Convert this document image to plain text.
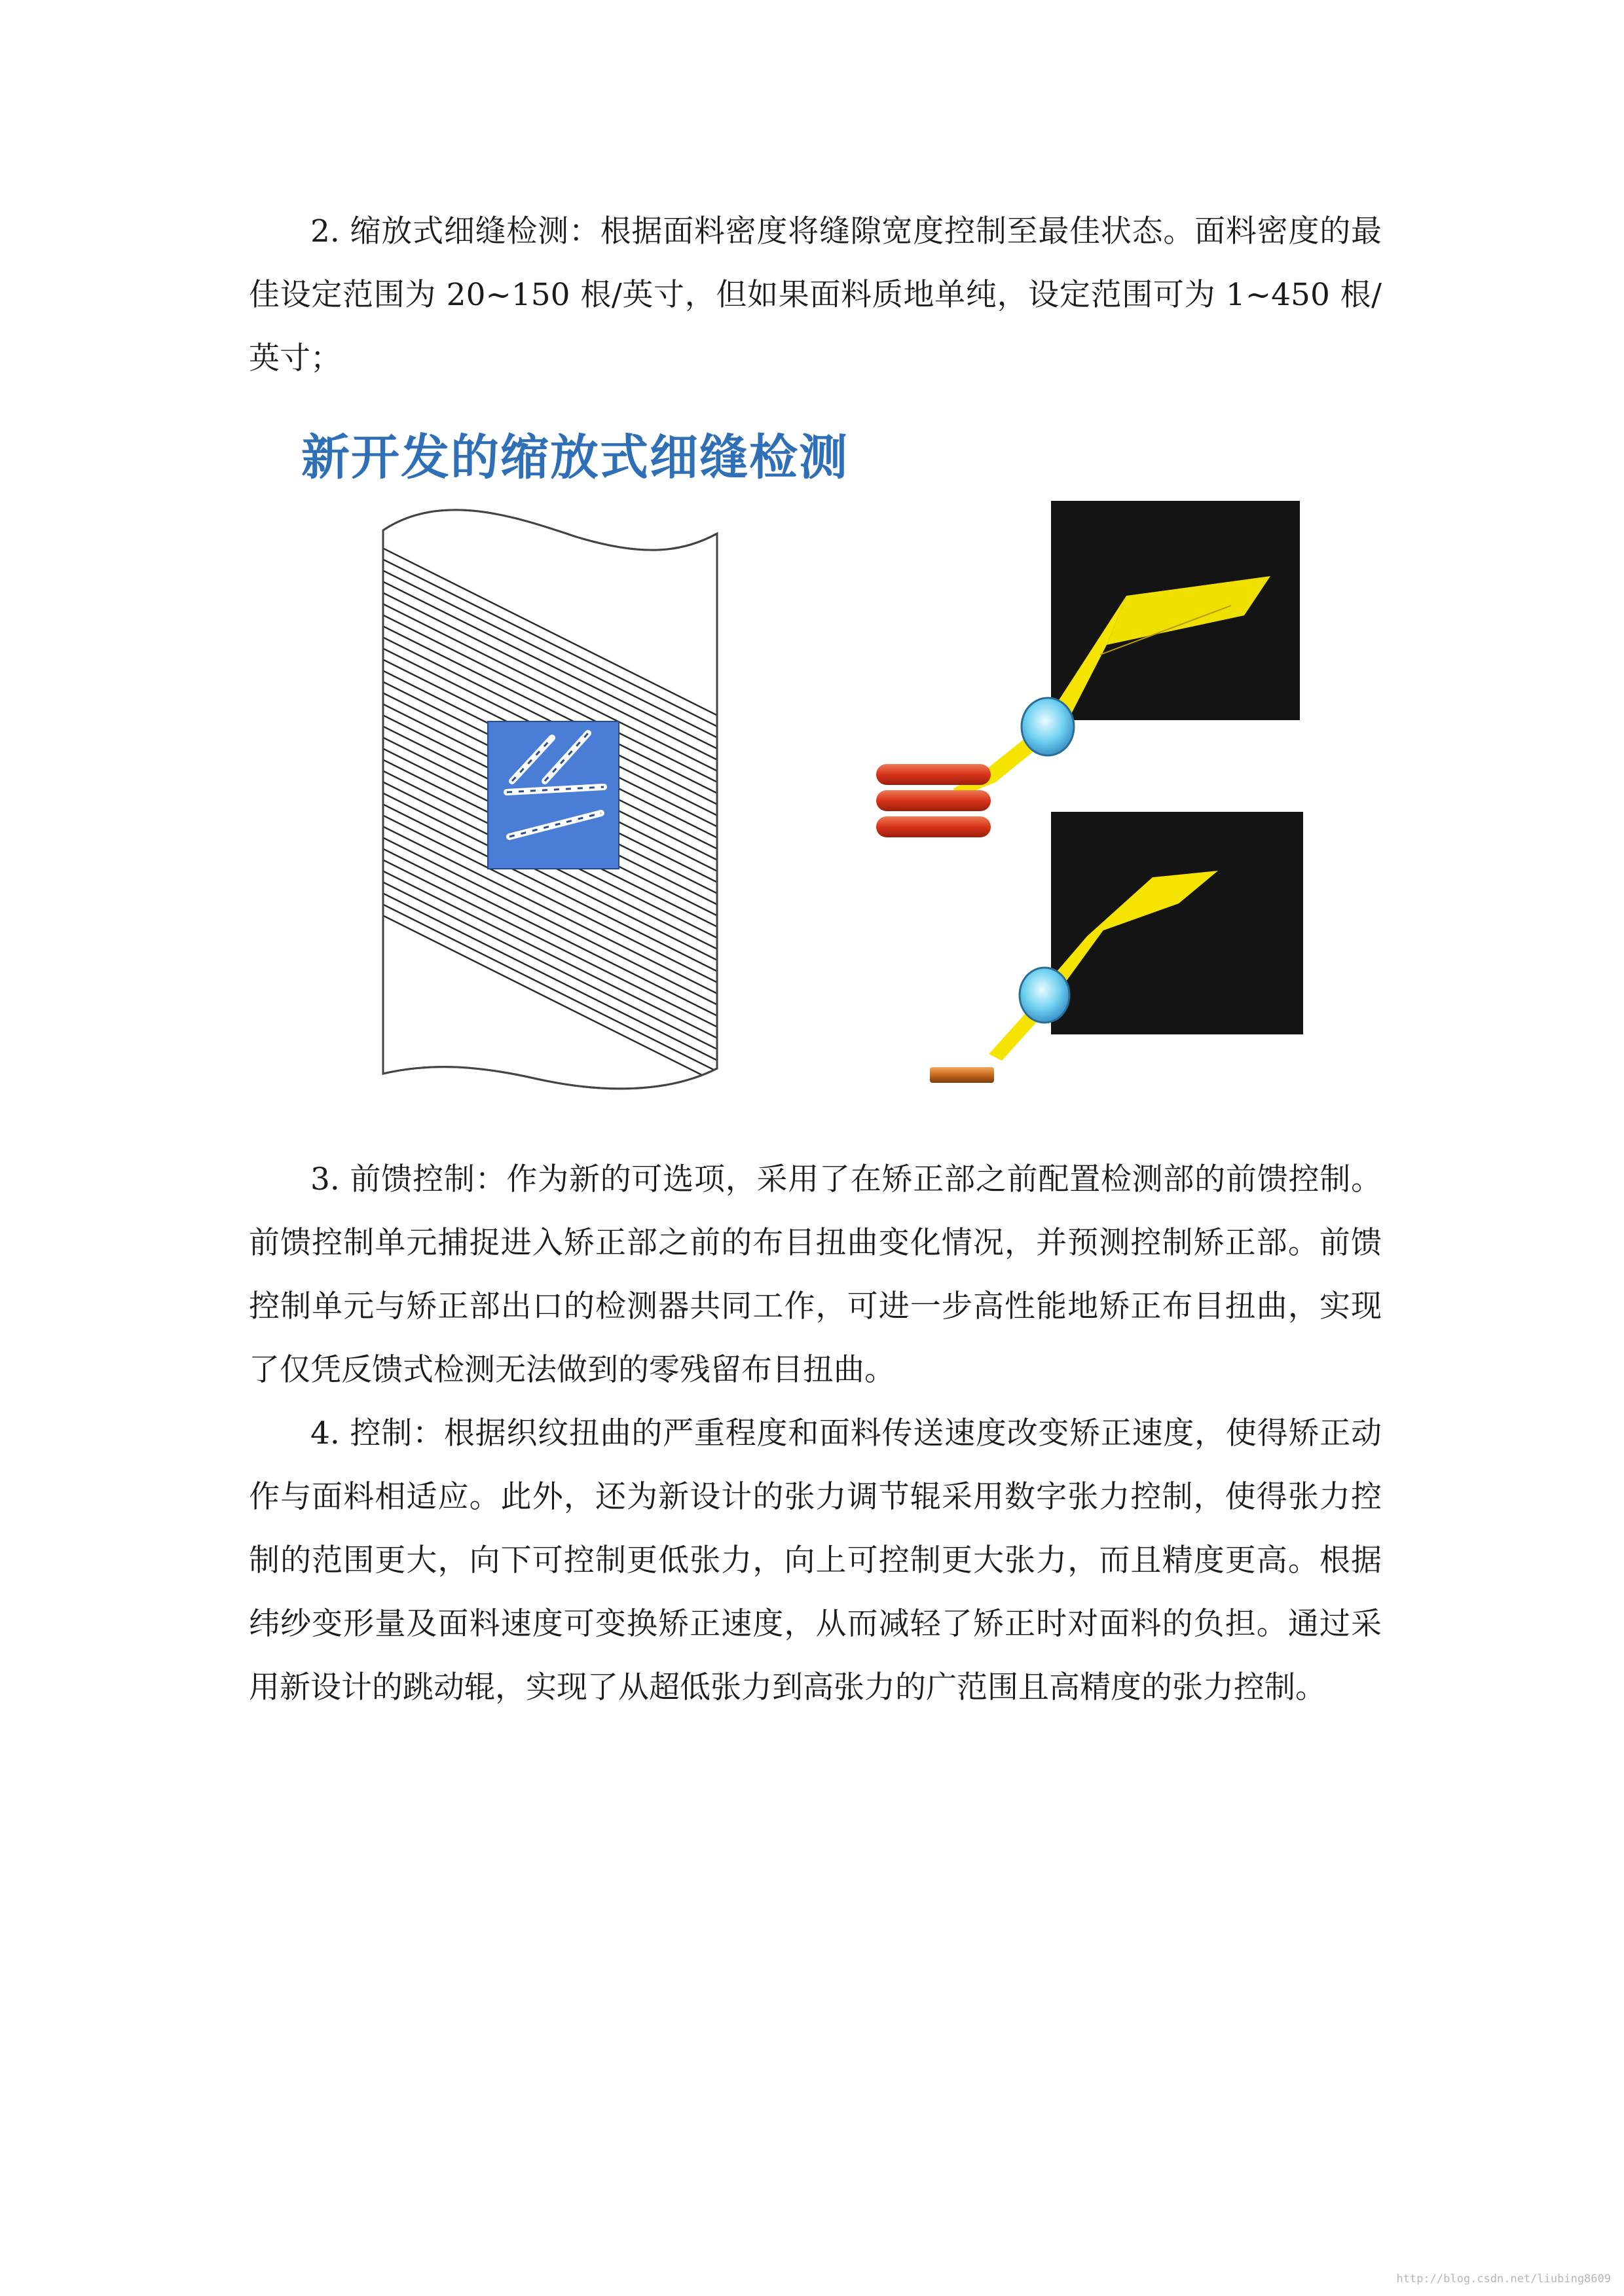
2. 缩放式细缝检测：根据面料密度将缝隙宽度控制至最佳状态。面料密度的最佳设定范围为 20~150 根/英寸，但如果面料质地单纯，设定范围可为 1~450 根/英寸；

新开发的缩放式细缝检测

3. 前馈控制：作为新的可选项，采用了在矫正部之前配置检测部的前馈控制。前馈控制单元捕捉进入矫正部之前的布目扭曲变化情况，并预测控制矫正部。前馈控制单元与矫正部出口的检测器共同工作，可进一步高性能地矫正布目扭曲，实现了仅凭反馈式检测无法做到的零残留布目扭曲。

4. 控制：根据织纹扭曲的严重程度和面料传送速度改变矫正速度，使得矫正动作与面料相适应。此外，还为新设计的张力调节辊采用数字张力控制，使得张力控制的范围更大，向下可控制更低张力，向上可控制更大张力，而且精度更高。根据纬纱变形量及面料速度可变换矫正速度，从而减轻了矫正时对面料的负担。通过采用新设计的跳动辊，实现了从超低张力到高张力的广范围且高精度的张力控制。

http://blog.csdn.net/liubing8609
